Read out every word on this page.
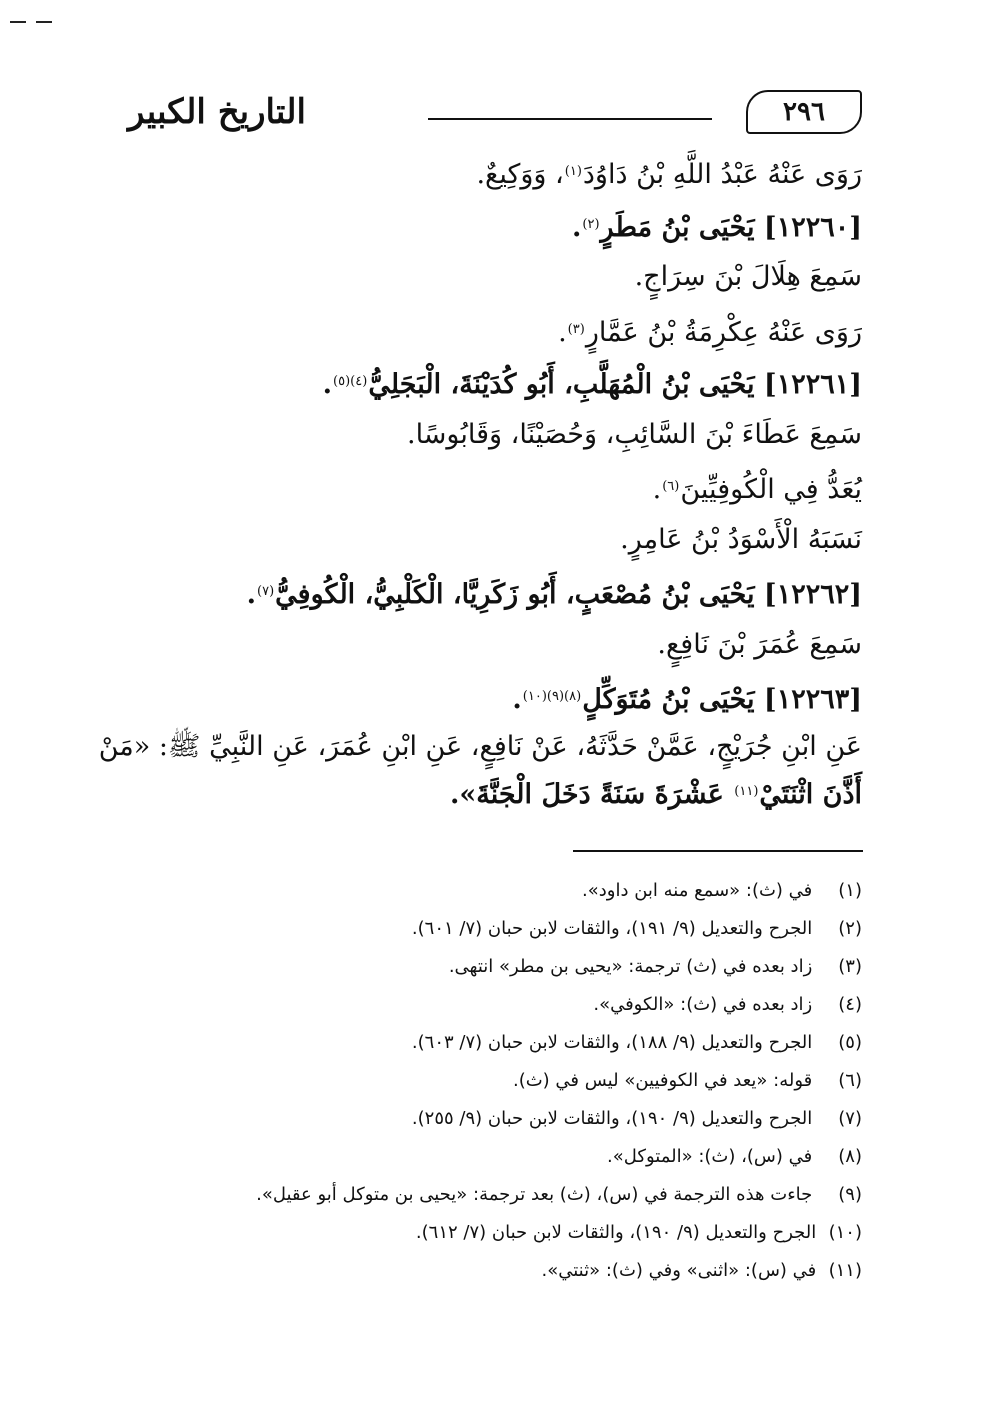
التاريخ الكبير	٢٩٦
رَوَى عَنْهُ عَبْدُ اللَّهِ بْنُ دَاوُدَ$^{(١)}$، وَوَكِيعٌ.
[١٢٢٦٠] يَحْيَى بْنُ مَطَرٍ$^{(٢)}$.
سَمِعَ هِلَالَ بْنَ سِرَاجٍ.
رَوَى عَنْهُ عِكْرِمَةُ بْنُ عَمَّارٍ$^{(٣)}$.
[١٢٢٦١] يَحْيَى بْنُ الْمُهَلَّبِ، أَبُو كُدَيْنَةَ، الْبَجَلِيُّ$^{(٤)(٥)}$.
سَمِعَ عَطَاءَ بْنَ السَّائِبِ، وَحُصَيْنًا، وَقَابُوسًا.
يُعَدُّ فِي الْكُوفِيِّينَ$^{(٦)}$.
نَسَبَهُ الْأَسْوَدُ بْنُ عَامِرٍ.
[١٢٢٦٢] يَحْيَى بْنُ مُصْعَبٍ، أَبُو زَكَرِيَّا، الْكَلْبِيُّ، الْكُوفِيُّ$^{(٧)}$.
سَمِعَ عُمَرَ بْنَ نَافِعٍ.
[١٢٢٦٣] يَحْيَى بْنُ مُتَوَكِّلٍ$^{(٨)(٩)(١٠)}$.
عَنِ ابْنِ جُرَيْجٍ، عَمَّنْ حَدَّثَهُ، عَنْ نَافِعٍ، عَنِ ابْنِ عُمَرَ، عَنِ النَّبِيِّ ﷺ: «مَنْ
أَذَّنَ اثْنَتَيْ$^{(١١)}$ عَشْرَةَ سَنَةً دَخَلَ الْجَنَّةَ».
(١) في (ث): «سمع منه ابن داود».
(٢) الجرح والتعديل (٩/ ١٩١)، والثقات لابن حبان (٧/ ٦٠١).
(٣) زاد بعده في (ث) ترجمة: «يحيى بن مطر» انتهى.
(٤) زاد بعده في (ث): «الكوفي».
(٥) الجرح والتعديل (٩/ ١٨٨)، والثقات لابن حبان (٧/ ٦٠٣).
(٦) قوله: «يعد في الكوفيين» ليس في (ث).
(٧) الجرح والتعديل (٩/ ١٩٠)، والثقات لابن حبان (٩/ ٢٥٥).
(٨) في (س)، (ث): «المتوكل».
(٩) جاءت هذه الترجمة في (س)، (ث) بعد ترجمة: «يحيى بن متوكل أبو عقيل».
(١٠) الجرح والتعديل (٩/ ١٩٠)، والثقات لابن حبان (٧/ ٦١٢).
(١١) في (س): «اثنى» وفي (ث): «ثنتي».
